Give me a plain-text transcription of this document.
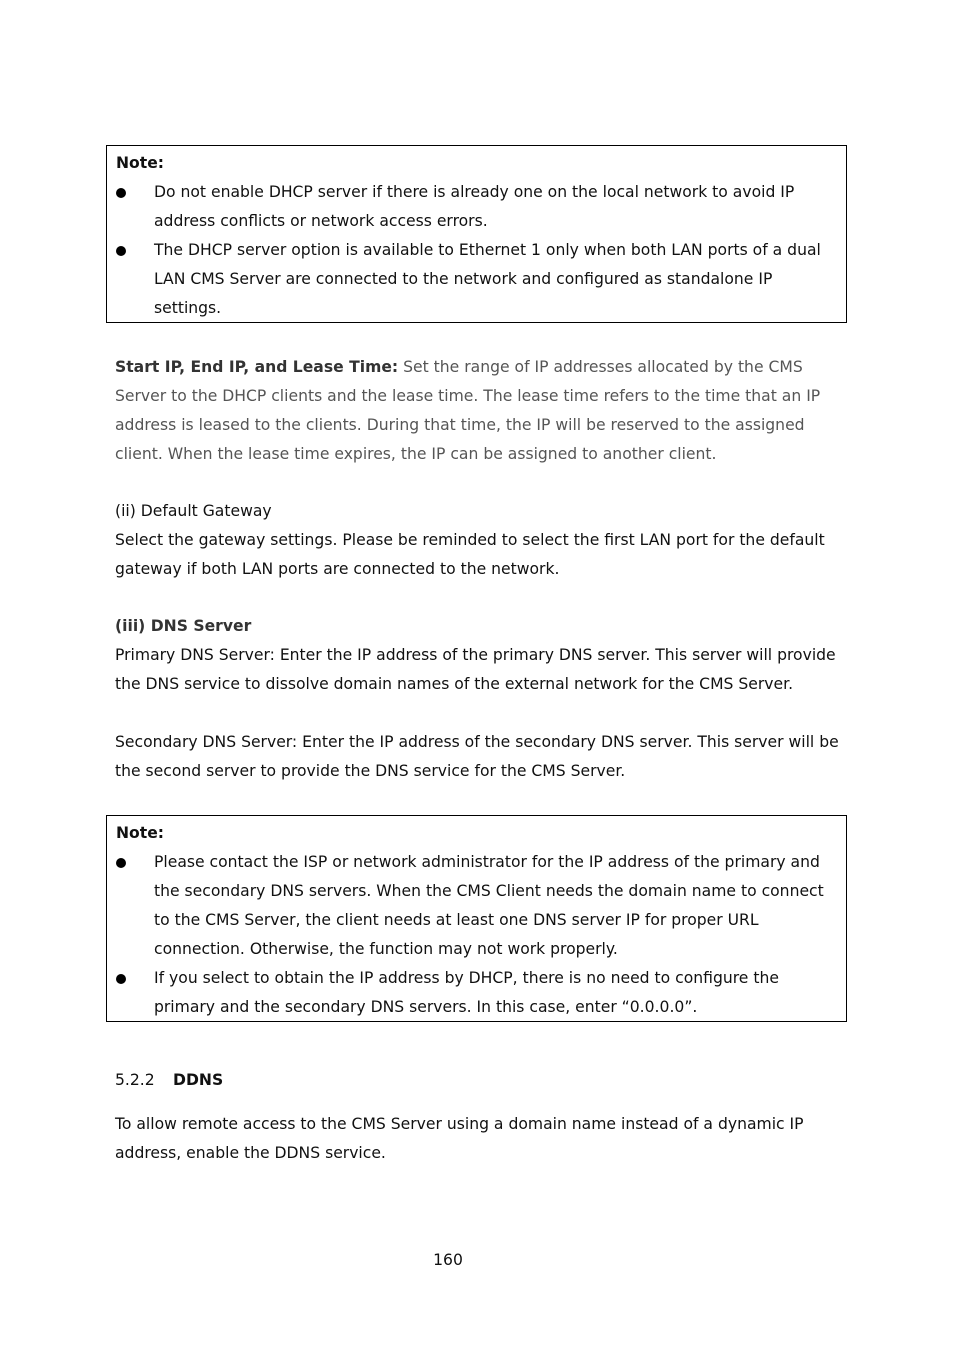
Note:
Do not enable DHCP server if there is already one on the local network to avoid IP address conflicts or network access errors.
The DHCP server option is available to Ethernet 1 only when both LAN ports of a dual LAN CMS Server are connected to the network and configured as standalone IP settings.
Start IP, End IP, and Lease Time: Set the range of IP addresses allocated by the CMS Server to the DHCP clients and the lease time. The lease time refers to the time that an IP address is leased to the clients. During that time, the IP will be reserved to the assigned client. When the lease time expires, the IP can be assigned to another client.
(ii) Default Gateway
Select the gateway settings. Please be reminded to select the first LAN port for the default gateway if both LAN ports are connected to the network.
(iii) DNS Server
Primary DNS Server: Enter the IP address of the primary DNS server. This server will provide the DNS service to dissolve domain names of the external network for the CMS Server.
Secondary DNS Server: Enter the IP address of the secondary DNS server. This server will be the second server to provide the DNS service for the CMS Server.
Note:
Please contact the ISP or network administrator for the IP address of the primary and the secondary DNS servers. When the CMS Client needs the domain name to connect to the CMS Server, the client needs at least one DNS server IP for proper URL connection. Otherwise, the function may not work properly.
If you select to obtain the IP address by DHCP, there is no need to configure the primary and the secondary DNS servers. In this case, enter “0.0.0.0”.
5.2.2 DDNS
To allow remote access to the CMS Server using a domain name instead of a dynamic IP address, enable the DDNS service.
160
